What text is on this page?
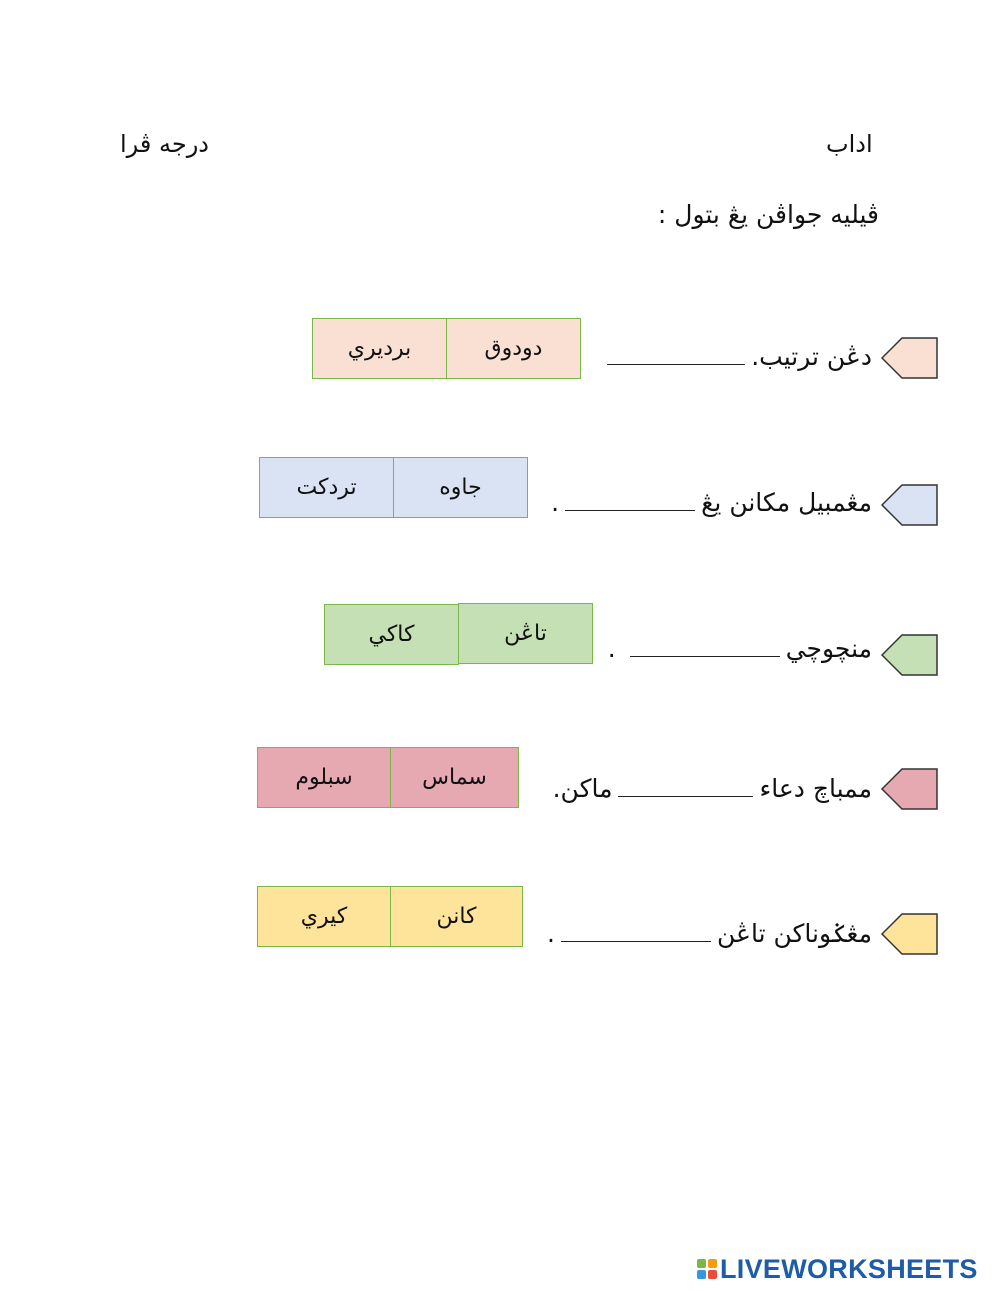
اداب
درجه ڤرا
ڤيليه جواڤن يڠ بتول :
دڠن ترتيب.
دودوق
برديري
مڠمبيل مکانن يڠ.
جاوه
تردکت
منچوچي.
تاڠن
کاکي
ممباچ دعاءماکن.
سماس
سبلوم
مڠݢوناکن تاڠن.
کانن
کيري
LIVEWORKSHEETS
